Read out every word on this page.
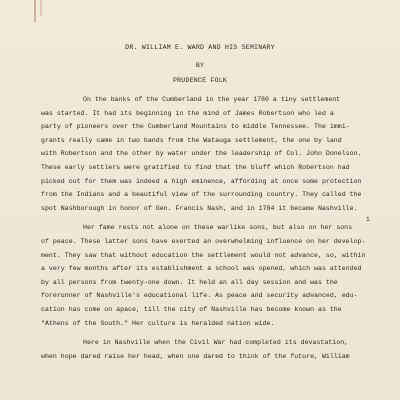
DR. WILLIAM E. WARD AND HIS SEMINARY
BY
PRUDENCE FOLK
1

On the banks of the Cumberland in the year 1780 a tiny settlement
was started. It had its beginning in the mind of James Robertson who led a
party of pioneers over the Cumberland Mountains to middle Tennessee. The immi-
grants really came in two bands from the Watauga settlement, the one by land
with Robertson and the other by water under the leadership of Col. John Donelson.
These early settlers were gratified to find that the bluff which Robertson had
picked out for them was indeed a high eminence, affording at once some protection
from the Indians and a beautiful view of the surrounding country. They called the
spot Nashborough in honor of Gen. Francis Nash, and in 1784 it became Nashville.

Her fame rests not alone on these warlike sons, but also on her sons
of peace. These latter sons have exerted an overwhelming influence on her develop-
ment. They saw that without education the settlement would not advance, so, within
a very few months after its establishment a school was opened, which was attended
by all persons from twenty-one down. It held an all day session and was the
forerunner of Nashville's educational life. As peace and security advanced, edu-
cation has come on apace, till the city of Nashville has become known as the
"Athens of the South." Her culture is heralded nation wide.

Here in Nashville when the Civil War had completed its devastation,
when hope dared raise her head, when one dared to think of the future, William
